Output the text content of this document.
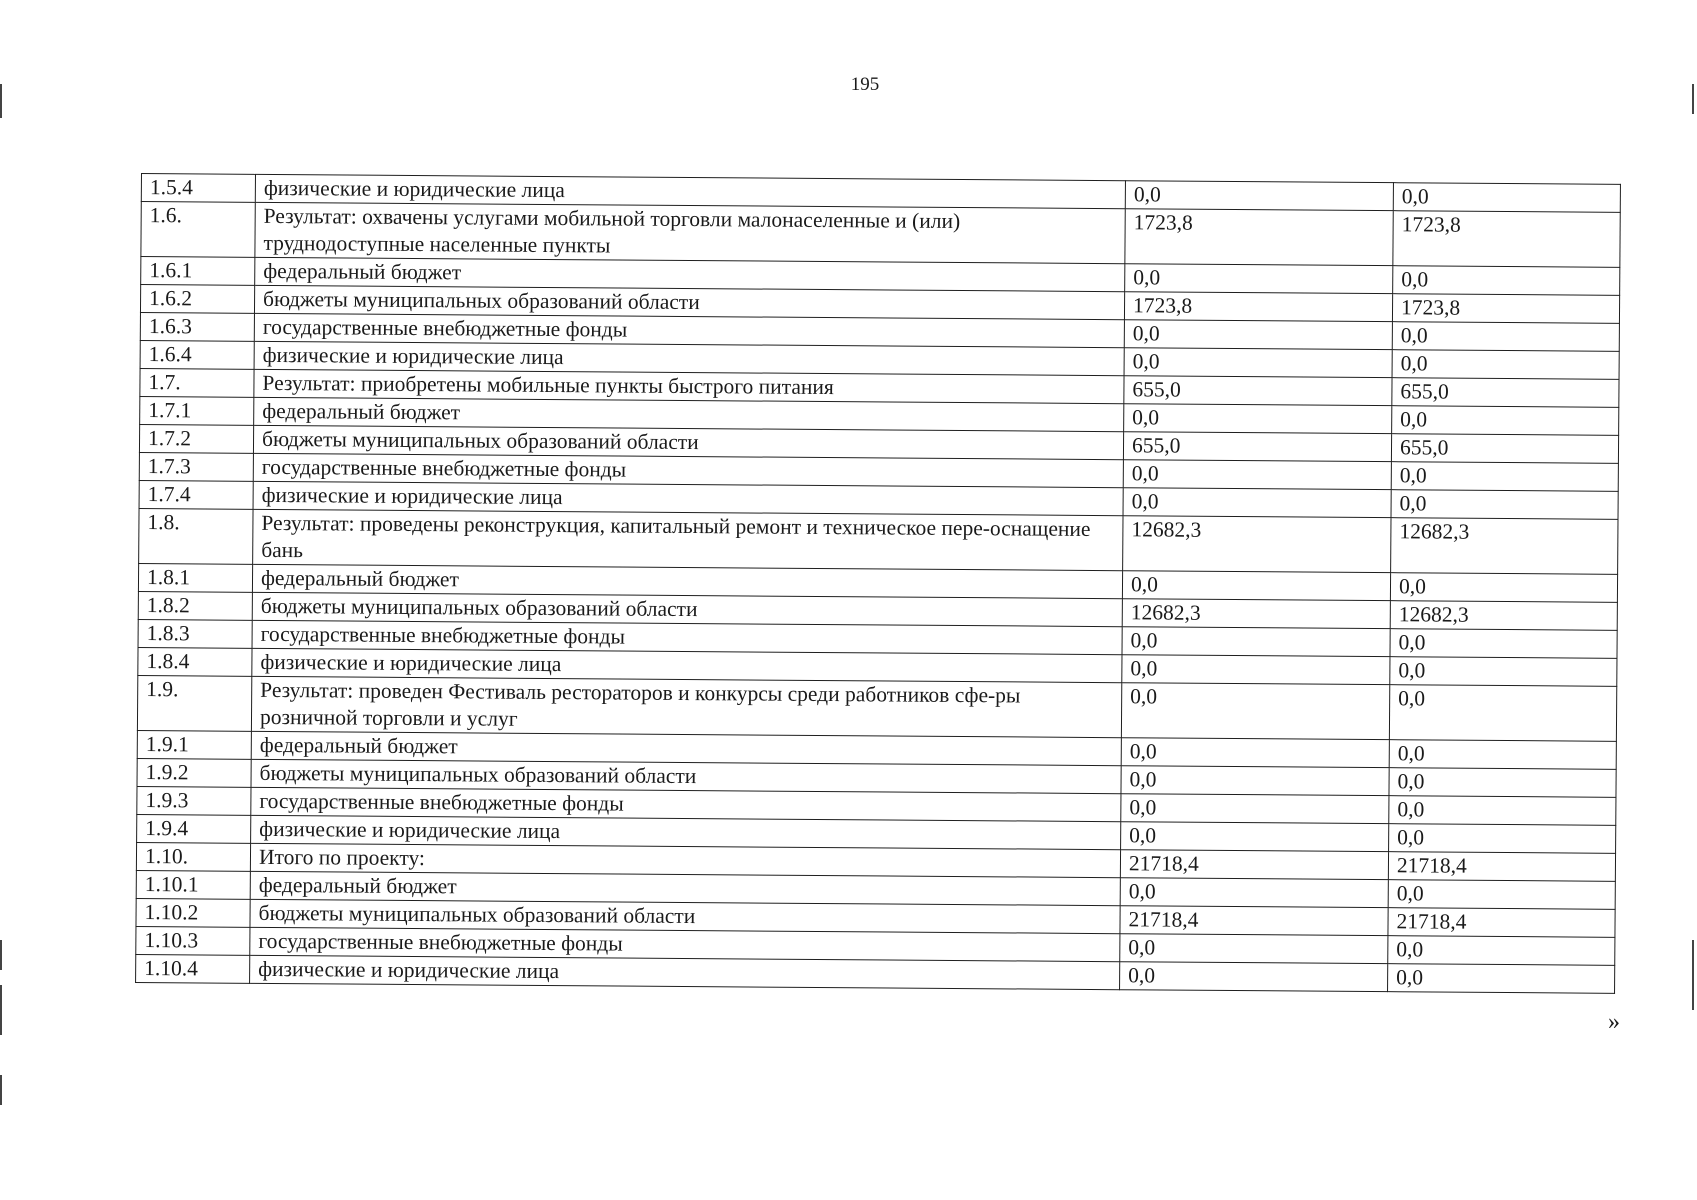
195
1.5.4	физические и юридические лица	0,0	0,0
1.6.	Результат: охвачены услугами мобильной торговли малонаселенные и (или) труднодоступные населенные пункты	1723,8	1723,8
1.6.1	федеральный бюджет	0,0	0,0
1.6.2	бюджеты муниципальных образований области	1723,8	1723,8
1.6.3	государственные внебюджетные фонды	0,0	0,0
1.6.4	физические и юридические лица	0,0	0,0
1.7.	Результат: приобретены мобильные пункты быстрого питания	655,0	655,0
1.7.1	федеральный бюджет	0,0	0,0
1.7.2	бюджеты муниципальных образований области	655,0	655,0
1.7.3	государственные внебюджетные фонды	0,0	0,0
1.7.4	физические и юридические лица	0,0	0,0
1.8.	Результат: проведены реконструкция, капитальный ремонт и техническое пере-оснащение бань	12682,3	12682,3
1.8.1	федеральный бюджет	0,0	0,0
1.8.2	бюджеты муниципальных образований области	12682,3	12682,3
1.8.3	государственные внебюджетные фонды	0,0	0,0
1.8.4	физические и юридические лица	0,0	0,0
1.9.	Результат: проведен Фестиваль рестораторов и конкурсы среди работников сфе-ры розничной торговли и услуг	0,0	0,0
1.9.1	федеральный бюджет	0,0	0,0
1.9.2	бюджеты муниципальных образований области	0,0	0,0
1.9.3	государственные внебюджетные фонды	0,0	0,0
1.9.4	физические и юридические лица	0,0	0,0
1.10.	Итого по проекту:	21718,4	21718,4
1.10.1	федеральный бюджет	0,0	0,0
1.10.2	бюджеты муниципальных образований области	21718,4	21718,4
1.10.3	государственные внебюджетные фонды	0,0	0,0
1.10.4	физические и юридические лица	0,0	0,0
»
